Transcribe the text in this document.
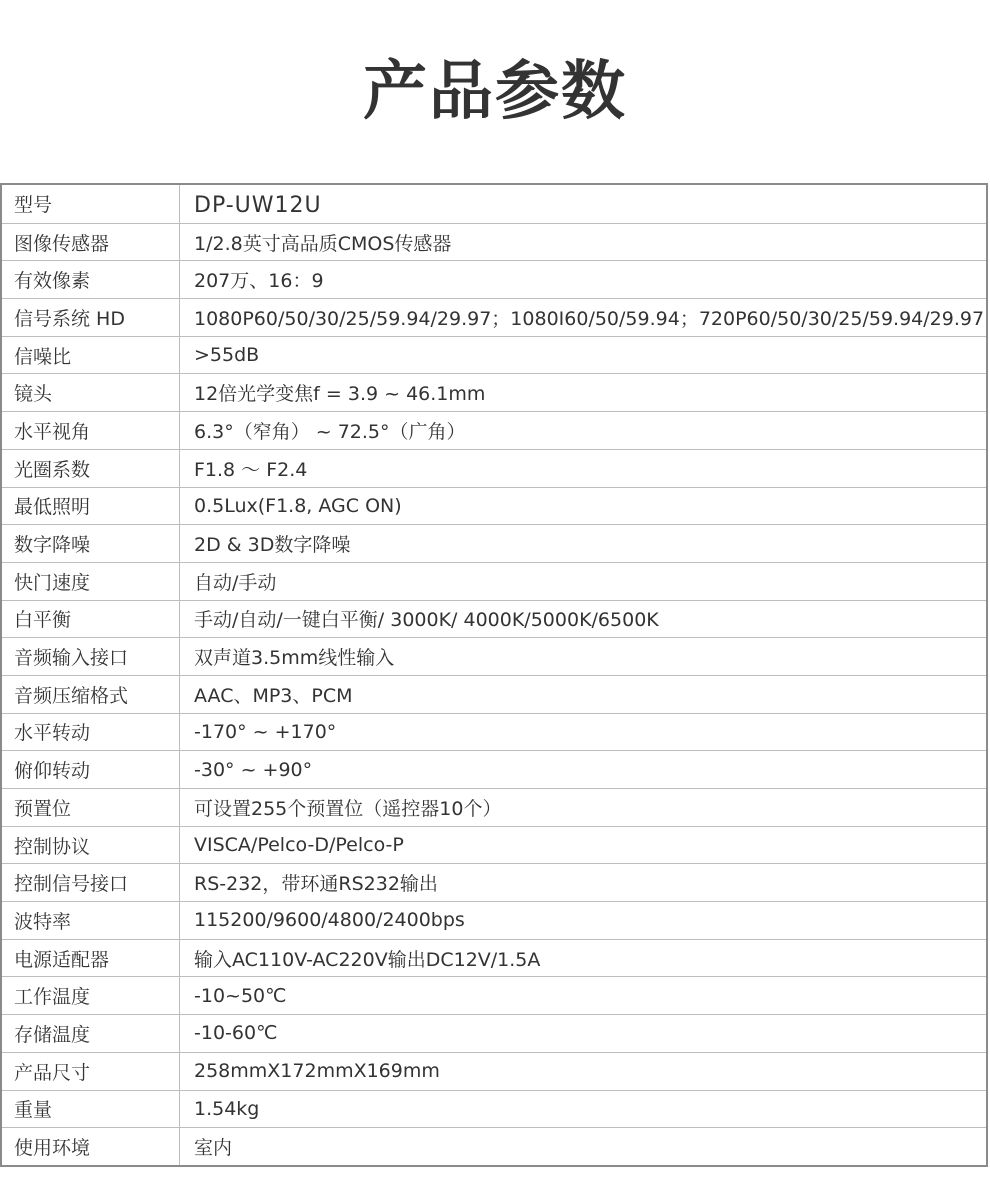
产品参数
型号	DP-UW12U
图像传感器	1/2.8英寸高品质CMOS传感器
有效像素	207万、16：9
信号系统 HD	1080P60/50/30/25/59.94/29.97；1080I60/50/59.94；720P60/50/30/25/59.94/29.97
信噪比	>55dB
镜头	12倍光学变焦f = 3.9 ~ 46.1mm
水平视角	6.3°（窄角） ~ 72.5°（广角）
光圈系数	F1.8 ～ F2.4
最低照明	0.5Lux(F1.8, AGC ON)
数字降噪	2D & 3D数字降噪
快门速度	自动/手动
白平衡	手动/自动/一键白平衡/ 3000K/ 4000K/5000K/6500K
音频输入接口	双声道3.5mm线性输入
音频压缩格式	AAC、MP3、PCM
水平转动	-170° ~ +170°
俯仰转动	-30° ~ +90°
预置位	可设置255个预置位（遥控器10个）
控制协议	VISCA/Pelco-D/Pelco-P
控制信号接口	RS-232，带环通RS232输出
波特率	115200/9600/4800/2400bps
电源适配器	输入AC110V-AC220V输出DC12V/1.5A
工作温度	-10~50℃
存储温度	-10-60℃
产品尺寸	258mmX172mmX169mm
重量	1.54kg
使用环境	室内
